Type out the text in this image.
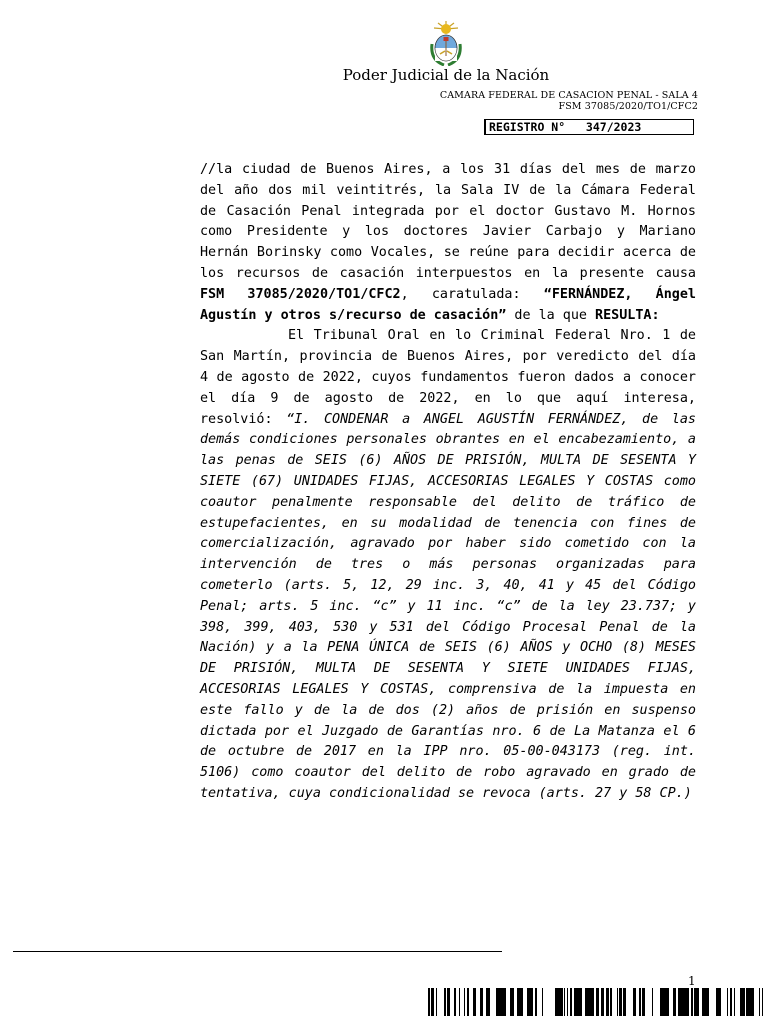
Poder Judicial de la Nación
CAMARA FEDERAL DE CASACION PENAL - SALA 4
FSM 37085/2020/TO1/CFC2
REGISTRO N°   347/2023

//la ciudad de Buenos Aires, a los 31 días del mes de marzo del año dos mil veintitrés, la Sala IV de la Cámara Federal de Casación Penal integrada por el doctor Gustavo M. Hornos como Presidente y los doctores Javier Carbajo y Mariano Hernán Borinsky como Vocales, se reúne para decidir acerca de los recursos de casación interpuestos en la presente causa FSM 37085/2020/TO1/CFC2, caratulada: “FERNÁNDEZ, Ángel Agustín y otros s/recurso de casación” de la que RESULTA:

El Tribunal Oral en lo Criminal Federal Nro. 1 de San Martín, provincia de Buenos Aires, por veredicto del día 4 de agosto de 2022, cuyos fundamentos fueron dados a conocer el día 9 de agosto de 2022, en lo que aquí interesa, resolvió: “I. CONDENAR a ANGEL AGUSTÍN FERNÁNDEZ, de las demás condiciones personales obrantes en el encabezamiento, a las penas de SEIS (6) AÑOS DE PRISIÓN, MULTA DE SESENTA Y SIETE (67) UNIDADES FIJAS, ACCESORIAS LEGALES Y COSTAS como coautor penalmente responsable del delito de tráfico de estupefacientes, en su modalidad de tenencia con fines de comercialización, agravado por haber sido cometido con la intervención de tres o más personas organizadas para cometerlo (arts. 5, 12, 29 inc. 3, 40, 41 y 45 del Código Penal; arts. 5 inc. “c” y 11 inc. “c” de la ley 23.737; y 398, 399, 403, 530 y 531 del Código Procesal Penal de la Nación) y a la PENA ÚNICA de SEIS (6) AÑOS y OCHO (8) MESES DE PRISIÓN, MULTA DE SESENTA Y SIETE UNIDADES FIJAS, ACCESORIAS LEGALES Y COSTAS, comprensiva de la impuesta en este fallo y de la de dos (2) años de prisión en suspenso dictada por el Juzgado de Garantías nro. 6 de La Matanza el 6 de octubre de 2017 en la IPP nro. 05-00-043173 (reg. int. 5106) como coautor del delito de robo agravado en grado de tentativa, cuya condicionalidad se revoca (arts. 27 y 58 CP.)

1
